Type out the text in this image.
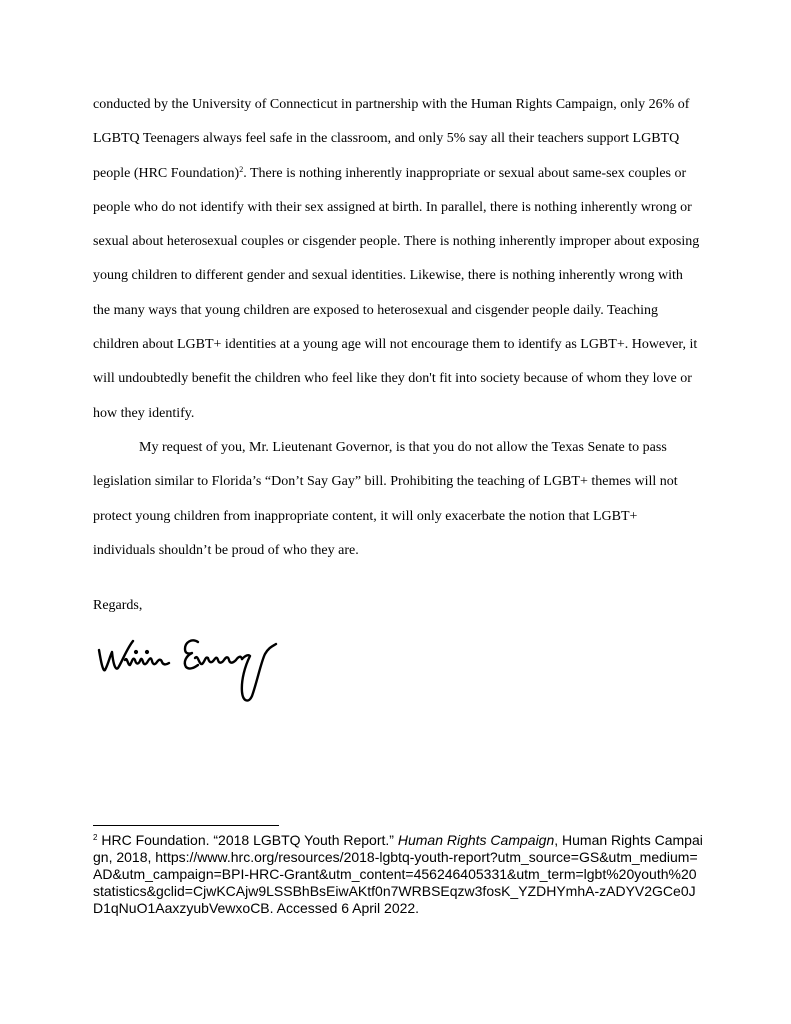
conducted by the University of Connecticut in partnership with the Human Rights Campaign, only 26% of LGBTQ Teenagers always feel safe in the classroom, and only 5% say all their teachers support LGBTQ people (HRC Foundation)$^2$. There is nothing inherently inappropriate or sexual about same-sex couples or people who do not identify with their sex assigned at birth. In parallel, there is nothing inherently wrong or sexual about heterosexual couples or cisgender people. There is nothing inherently improper about exposing young children to different gender and sexual identities. Likewise, there is nothing inherently wrong with the many ways that young children are exposed to heterosexual and cisgender people daily. Teaching children about LGBT+ identities at a young age will not encourage them to identify as LGBT+. However, it will undoubtedly benefit the children who feel like they don't fit into society because of whom they love or how they identify.

My request of you, Mr. Lieutenant Governor, is that you do not allow the Texas Senate to pass legislation similar to Florida’s “Don’t Say Gay” bill. Prohibiting the teaching of LGBT+ themes will not protect young children from inappropriate content, it will only exacerbate the notion that LGBT+ individuals shouldn’t be proud of who they are.

Regards,
$^2$ HRC Foundation. “2018 LGBTQ Youth Report.” Human Rights Campaign, Human Rights Campaign, 2018, https://www.hrc.org/resources/2018-lgbtq-youth-report?utm_source=GS&utm_medium=AD&utm_campaign=BPI-HRC-Grant&utm_content=456246405331&utm_term=lgbt%20youth%20statistics&gclid=CjwKCAjw9LSSBhBsEiwAKtf0n7WRBSEqzw3fosK_YZDHYmhA-zADYV2GCe0JD1qNuO1AaxzyubVewxoCB. Accessed 6 April 2022.
